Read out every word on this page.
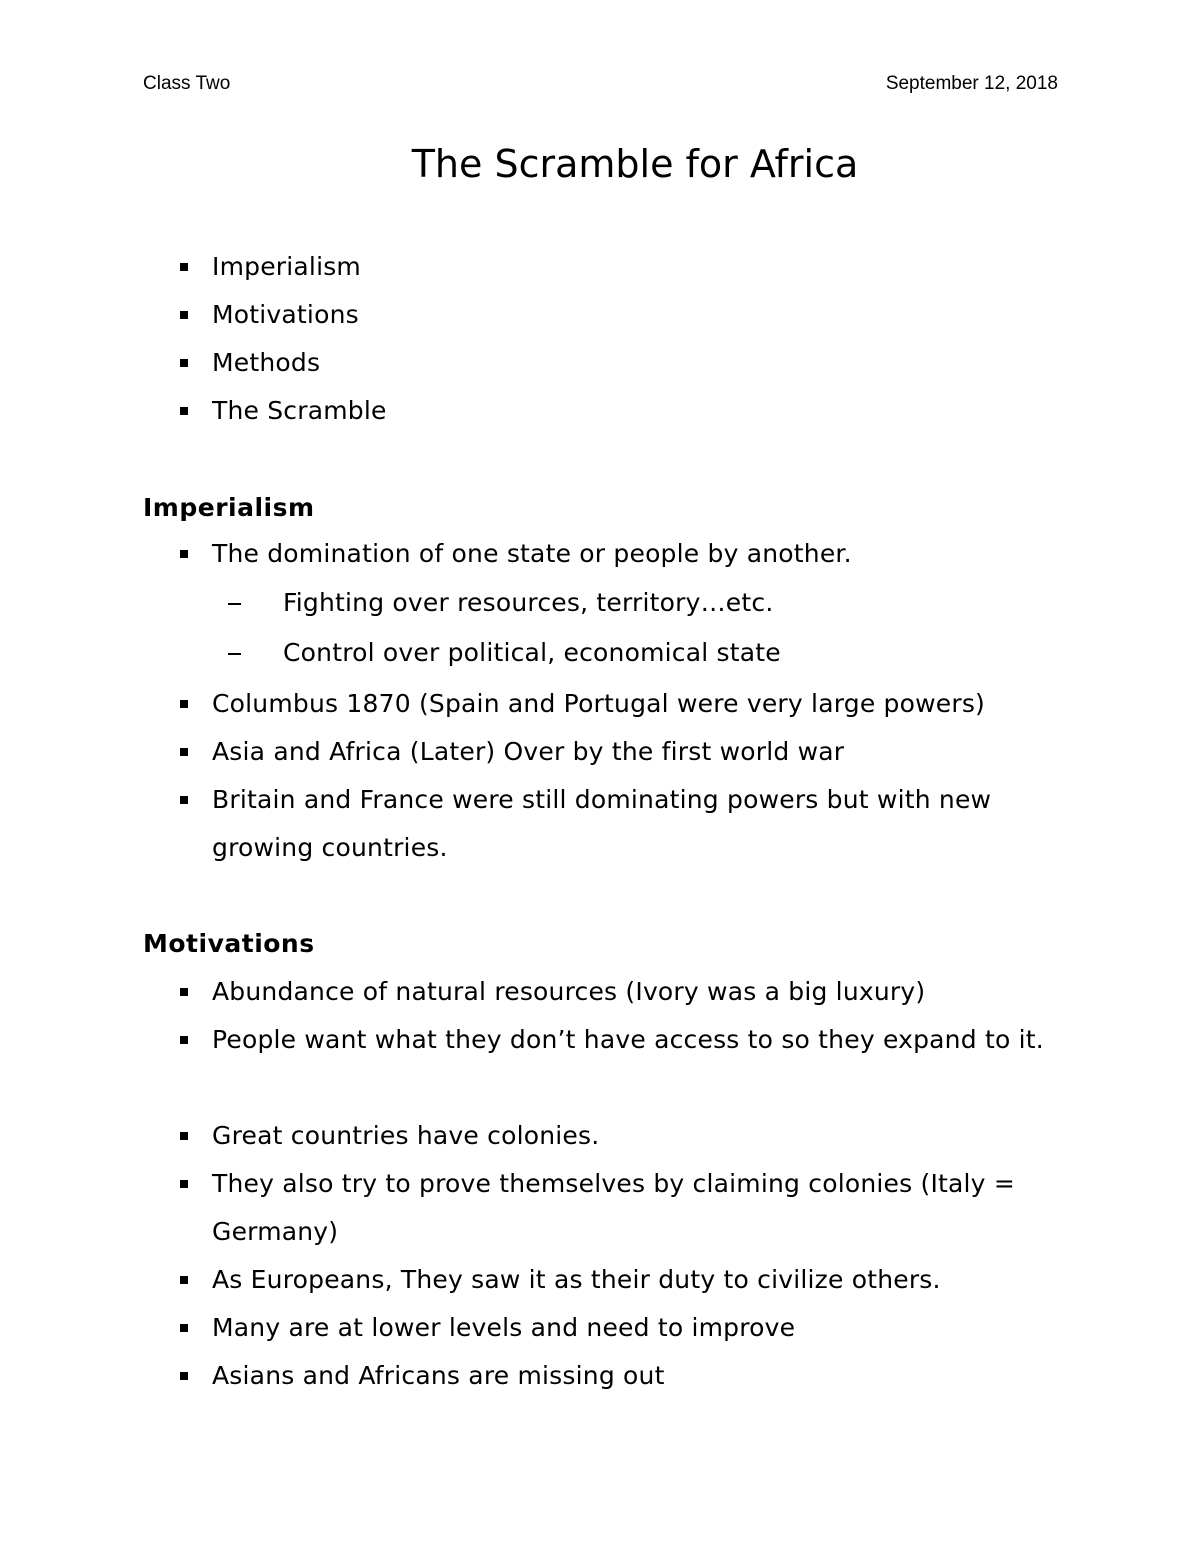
Class Two	September 12, 2018
The Scramble for Africa
Imperialism
Motivations
Methods
The Scramble
Imperialism
The domination of one state or people by another.
Fighting over resources, territory…etc.
Control over political, economical state
Columbus 1870 (Spain and Portugal were very large powers)
Asia and Africa (Later) Over by the first world war
Britain and France were still dominating powers but with new growing countries.
Motivations
Abundance of natural resources (Ivory was a big luxury)
People want what they don’t have access to so they expand to it.
Great countries have colonies.
They also try to prove themselves by claiming colonies (Italy = Germany)
As Europeans, They saw it as their duty to civilize others.
Many are at lower levels and need to improve
Asians and Africans are missing out
